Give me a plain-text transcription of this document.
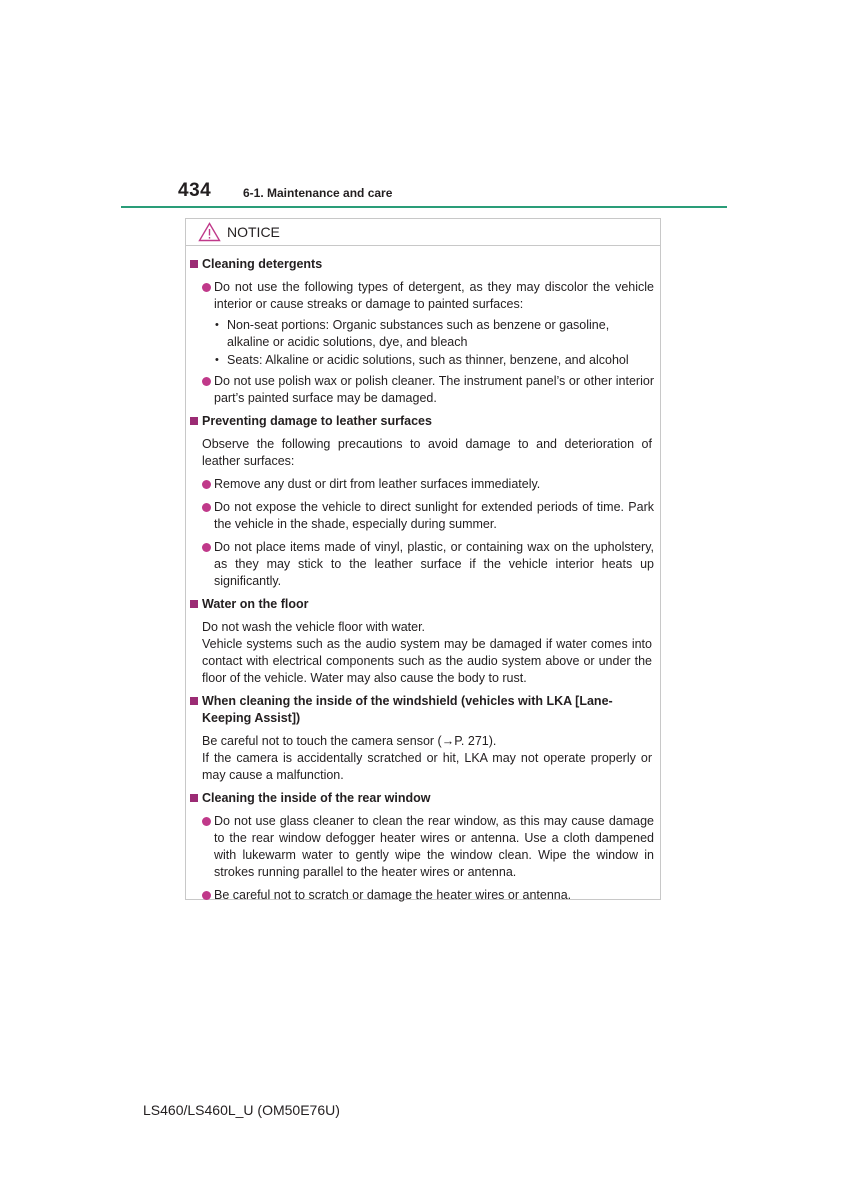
434	6-1. Maintenance and care
NOTICE
Cleaning detergents
Do not use the following types of detergent, as they may discolor the vehicle interior or cause streaks or damage to painted surfaces:
• Non-seat portions: Organic substances such as benzene or gasoline, alkaline or acidic solutions, dye, and bleach
• Seats: Alkaline or acidic solutions, such as thinner, benzene, and alcohol
Do not use polish wax or polish cleaner. The instrument panel’s or other interior part’s painted surface may be damaged.
Preventing damage to leather surfaces
Observe the following precautions to avoid damage to and deterioration of leather surfaces:
Remove any dust or dirt from leather surfaces immediately.
Do not expose the vehicle to direct sunlight for extended periods of time. Park the vehicle in the shade, especially during summer.
Do not place items made of vinyl, plastic, or containing wax on the upholstery, as they may stick to the leather surface if the vehicle interior heats up significantly.
Water on the floor
Do not wash the vehicle floor with water.
Vehicle systems such as the audio system may be damaged if water comes into contact with electrical components such as the audio system above or under the floor of the vehicle. Water may also cause the body to rust.
When cleaning the inside of the windshield (vehicles with LKA [Lane-Keeping Assist])
Be careful not to touch the camera sensor (→P. 271).
If the camera is accidentally scratched or hit, LKA may not operate properly or may cause a malfunction.
Cleaning the inside of the rear window
Do not use glass cleaner to clean the rear window, as this may cause damage to the rear window defogger heater wires or antenna. Use a cloth dampened with lukewarm water to gently wipe the window clean. Wipe the window in strokes running parallel to the heater wires or antenna.
Be careful not to scratch or damage the heater wires or antenna.
LS460/LS460L_U (OM50E76U)
